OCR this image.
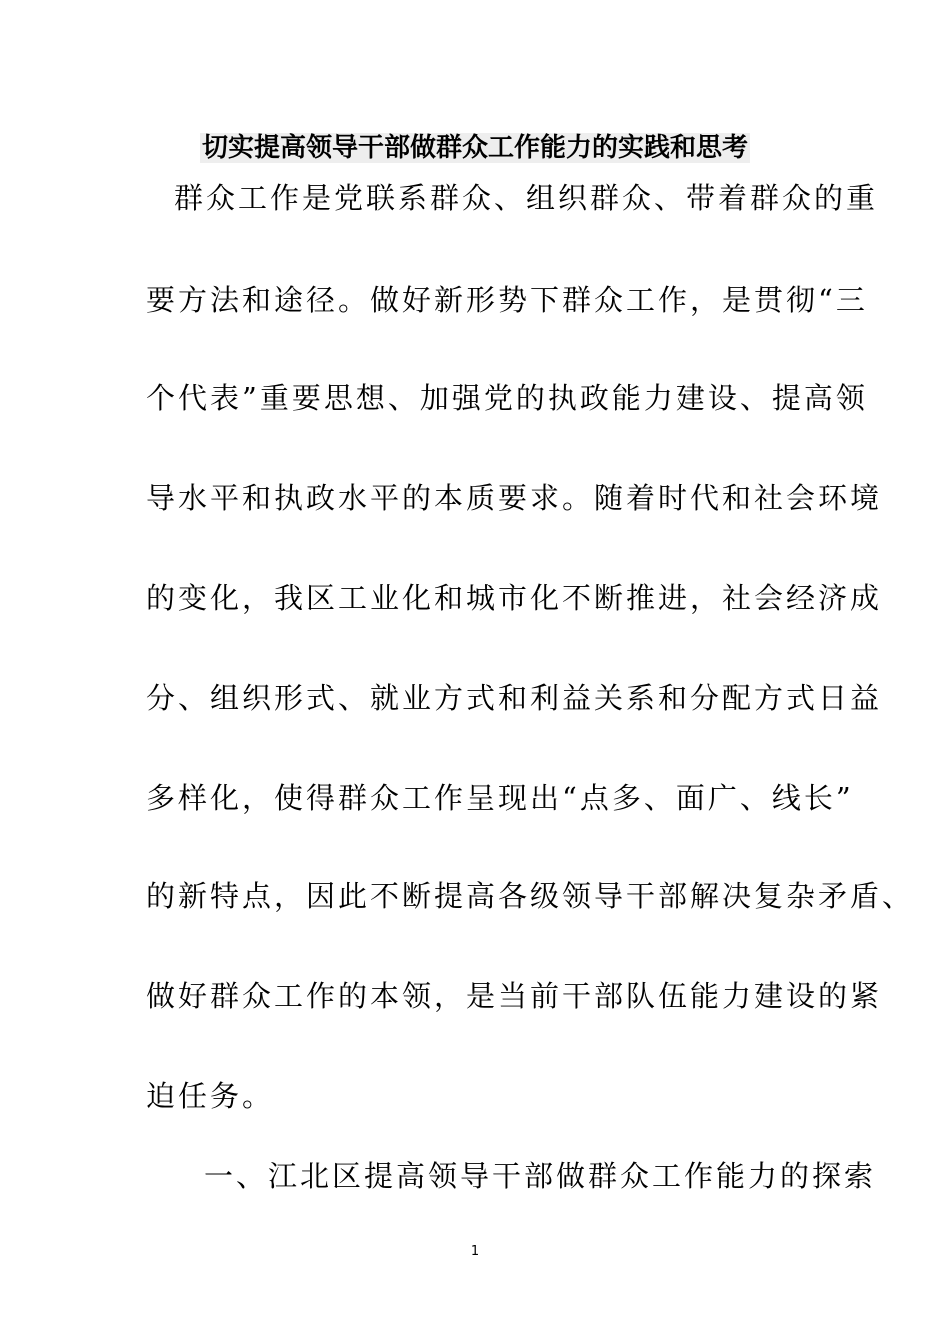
切实提高领导干部做群众工作能力的实践和思考

群众工作是党联系群众、组织群众、带着群众的重

要方法和途径。做好新形势下群众工作，是贯彻“三

个代表”重要思想、加强党的执政能力建设、提高领

导水平和执政水平的本质要求。随着时代和社会环境

的变化，我区工业化和城市化不断推进，社会经济成

分、组织形式、就业方式和利益关系和分配方式日益

多样化，使得群众工作呈现出“点多、面广、线长”

的新特点，因此不断提高各级领导干部解决复杂矛盾、

做好群众工作的本领，是当前干部队伍能力建设的紧

迫任务。

一、江北区提高领导干部做群众工作能力的探索

1
